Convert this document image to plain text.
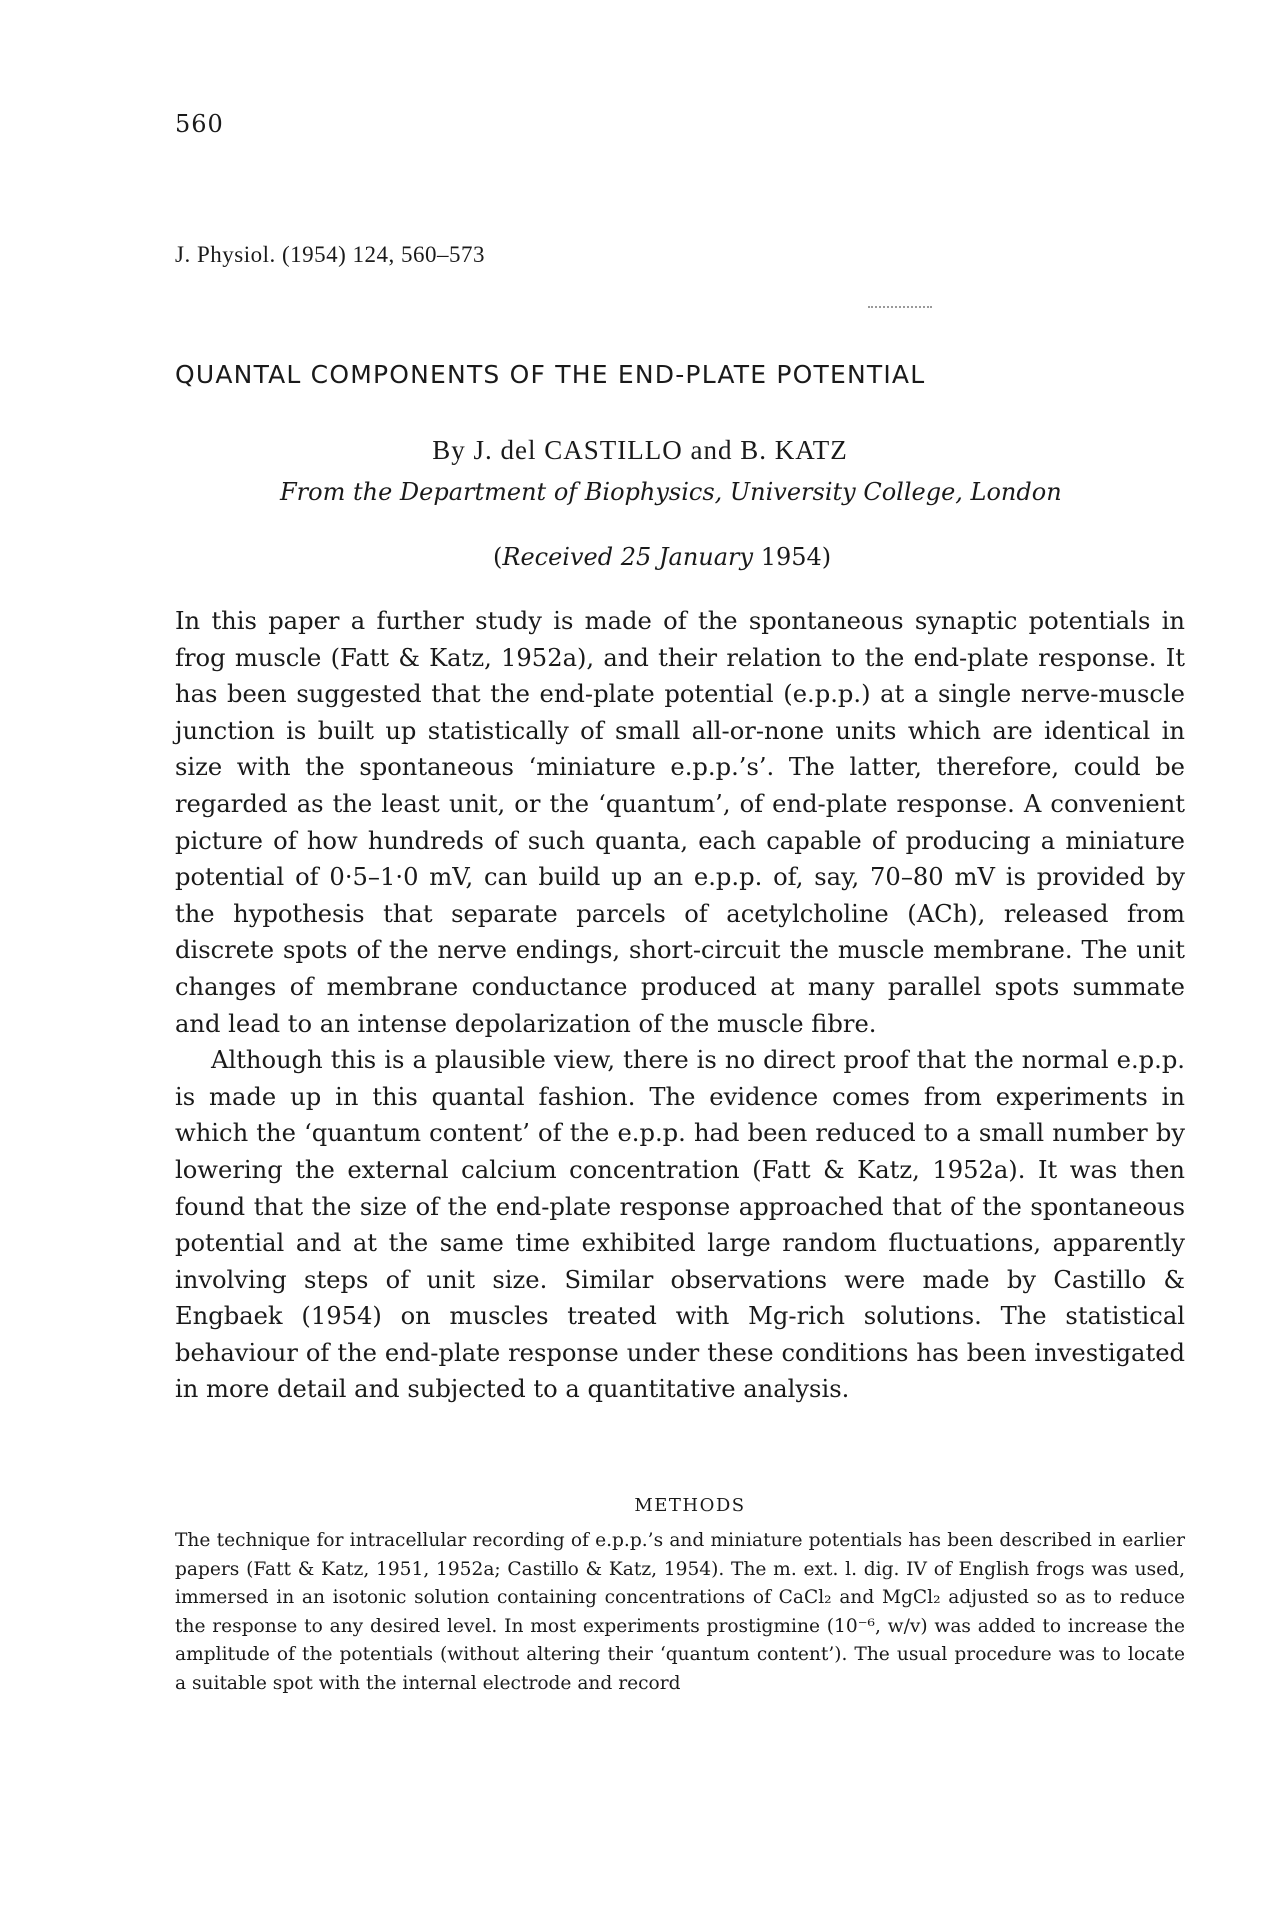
560
J. Physiol. (1954) 124, 560–573
QUANTAL COMPONENTS OF THE END-PLATE POTENTIAL
By J. del CASTILLO and B. KATZ
From the Department of Biophysics, University College, London
(Received 25 January 1954)

In this paper a further study is made of the spontaneous synaptic potentials in frog muscle (Fatt & Katz, 1952a), and their relation to the end-plate response. It has been suggested that the end-plate potential (e.p.p.) at a single nerve-muscle junction is built up statistically of small all-or-none units which are identical in size with the spontaneous ‘miniature e.p.p.’s’. The latter, therefore, could be regarded as the least unit, or the ‘quantum’, of end-plate response. A convenient picture of how hundreds of such quanta, each capable of producing a miniature potential of 0·5–1·0 mV, can build up an e.p.p. of, say, 70–80 mV is provided by the hypothesis that separate parcels of acetylcholine (ACh), released from discrete spots of the nerve endings, short-circuit the muscle membrane. The unit changes of membrane conductance produced at many parallel spots summate and lead to an intense depolarization of the muscle fibre.

Although this is a plausible view, there is no direct proof that the normal e.p.p. is made up in this quantal fashion. The evidence comes from experiments in which the ‘quantum content’ of the e.p.p. had been reduced to a small number by lowering the external calcium concentration (Fatt & Katz, 1952a). It was then found that the size of the end-plate response approached that of the spontaneous potential and at the same time exhibited large random fluctuations, apparently involving steps of unit size. Similar observations were made by Castillo & Engbaek (1954) on muscles treated with Mg-rich solutions. The statistical behaviour of the end-plate response under these conditions has been investigated in more detail and subjected to a quantitative analysis.

METHODS

The technique for intracellular recording of e.p.p.’s and miniature potentials has been described in earlier papers (Fatt & Katz, 1951, 1952a; Castillo & Katz, 1954). The m. ext. l. dig. IV of English frogs was used, immersed in an isotonic solution containing concentrations of CaCl₂ and MgCl₂ adjusted so as to reduce the response to any desired level. In most experiments prostigmine (10⁻⁶, w/v) was added to increase the amplitude of the potentials (without altering their ‘quantum content’). The usual procedure was to locate a suitable spot with the internal electrode and record
